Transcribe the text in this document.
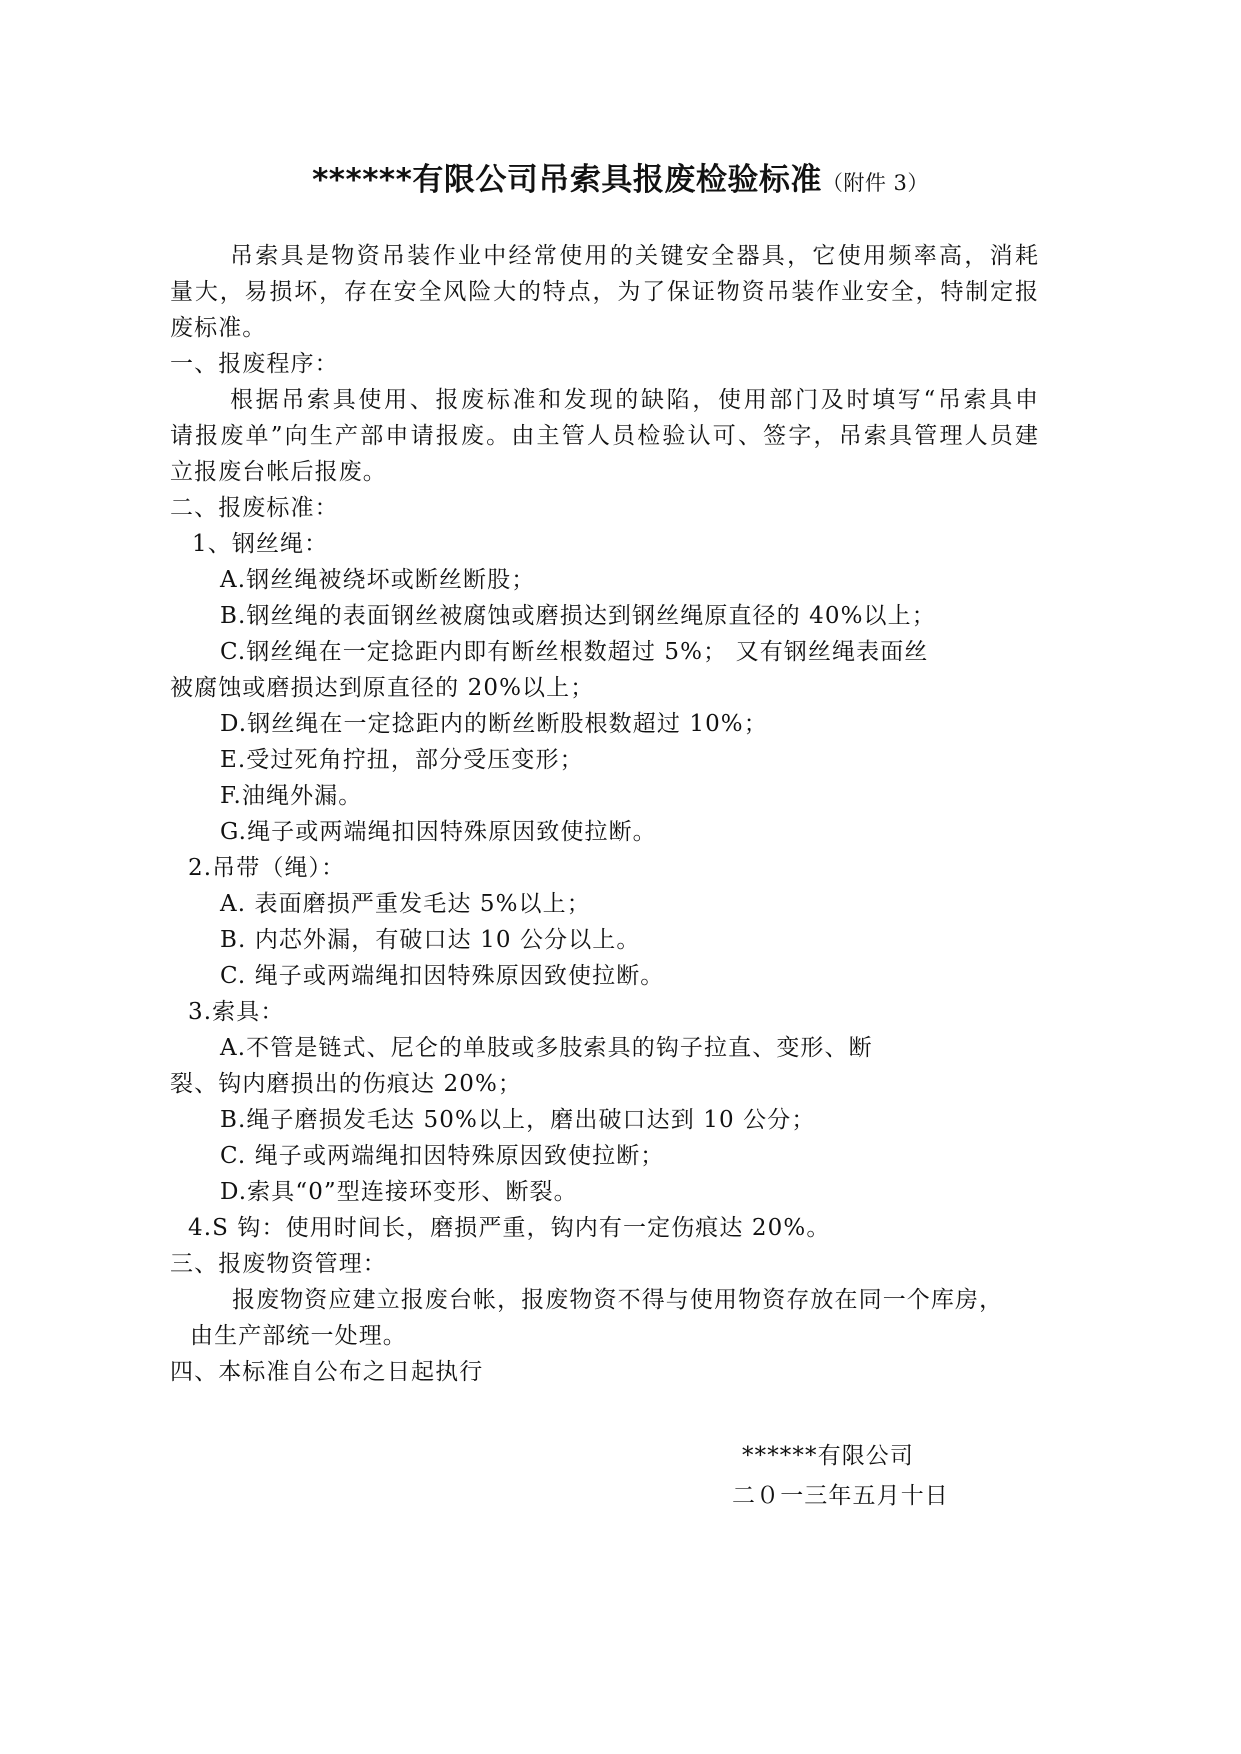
******有限公司吊索具报废检验标准（附件 3）
吊索具是物资吊装作业中经常使用的关键安全器具，它使用频率高，消耗
量大，易损坏，存在安全风险大的特点，为了保证物资吊装作业安全，特制定报
废标准。
一、报废程序：
根据吊索具使用、报废标准和发现的缺陷，使用部门及时填写“吊索具申
请报废单”向生产部申请报废。由主管人员检验认可、签字，吊索具管理人员建
立报废台帐后报废。
二、报废标准：
1、钢丝绳：
A.钢丝绳被绕坏或断丝断股；
B.钢丝绳的表面钢丝被腐蚀或磨损达到钢丝绳原直径的 40%以上；
C.钢丝绳在一定捻距内即有断丝根数超过 5%； 又有钢丝绳表面丝
被腐蚀或磨损达到原直径的 20%以上；
D.钢丝绳在一定捻距内的断丝断股根数超过 10%；
E.受过死角拧扭，部分受压变形；
F.油绳外漏。
G.绳子或两端绳扣因特殊原因致使拉断。
2.吊带（绳）：
A. 表面磨损严重发毛达 5%以上；
B. 内芯外漏，有破口达 10 公分以上。
C. 绳子或两端绳扣因特殊原因致使拉断。
3.索具：
A.不管是链式、尼仑的单肢或多肢索具的钩子拉直、变形、断
裂、钩内磨损出的伤痕达 20%；
B.绳子磨损发毛达 50%以上，磨出破口达到 10 公分；
C. 绳子或两端绳扣因特殊原因致使拉断；
D.索具“0”型连接环变形、断裂。
4.S 钩：使用时间长，磨损严重，钩内有一定伤痕达 20%。
三、报废物资管理：
报废物资应建立报废台帐，报废物资不得与使用物资存放在同一个库房，
由生产部统一处理。
四、本标准自公布之日起执行
******有限公司
二０一三年五月十日
